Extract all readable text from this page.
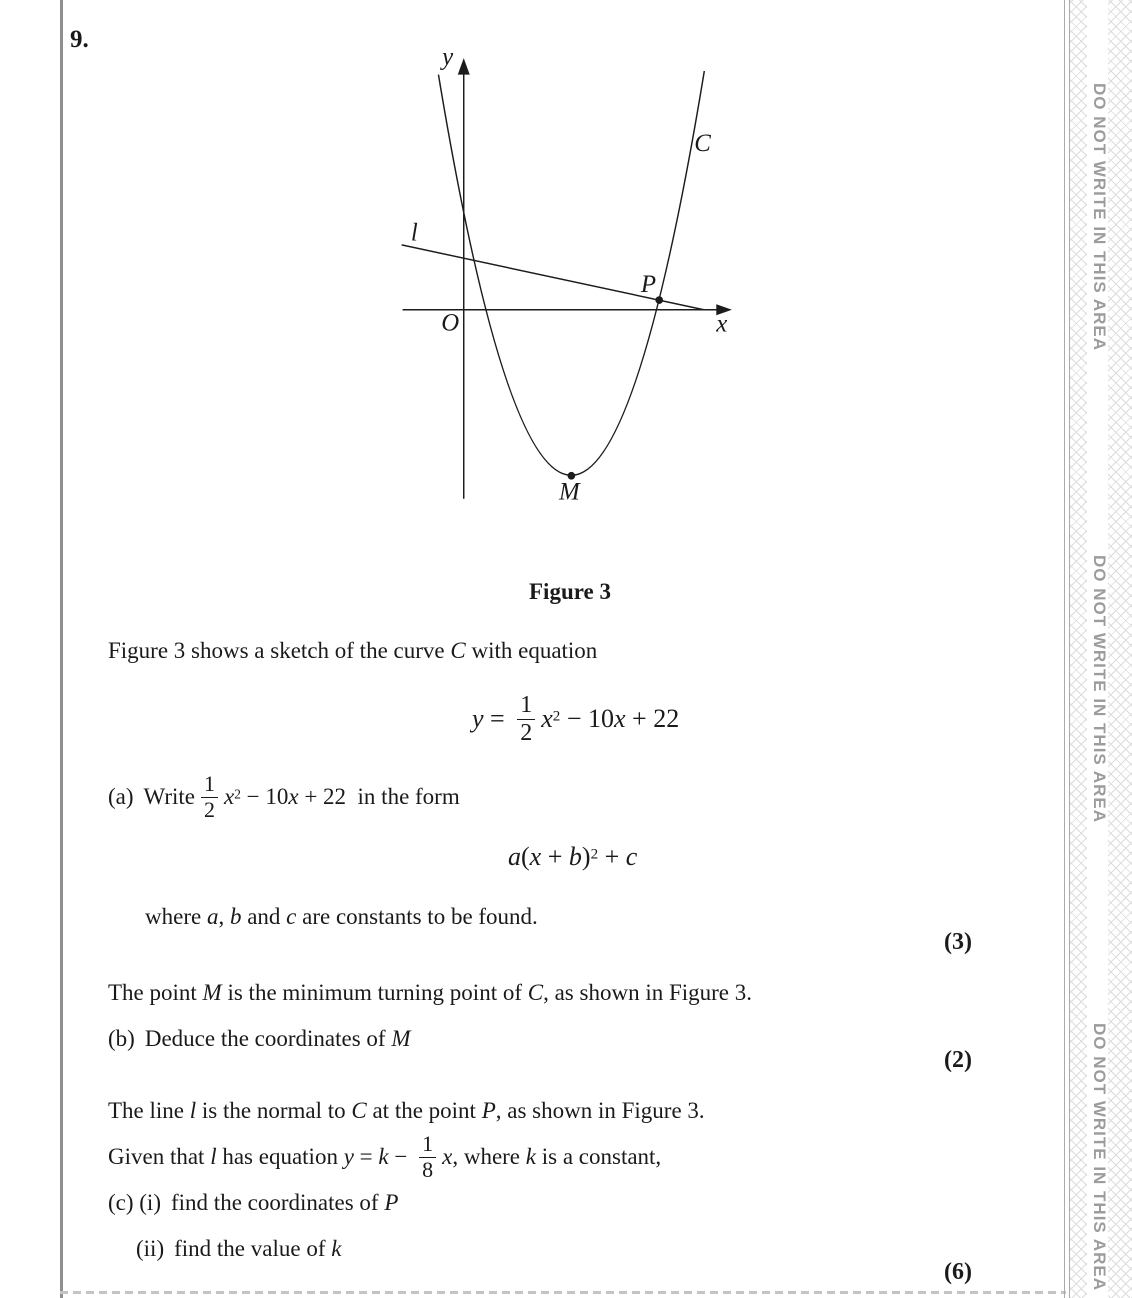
9.
y
x
O
l
C
P
M
Figure 3
Figure 3 shows a sketch of the curve C with equation
$y = \frac{1}{2} x^2 - 10x + 22$
(a) Write $\frac{1}{2} x^2 - 10x + 22$  in the form
$a(x + b)^2 + c$
where a, b and c are constants to be found.
(3)
The point M is the minimum turning point of C, as shown in Figure 3.
(b) Deduce the coordinates of M
(2)
The line l is the normal to C at the point P, as shown in Figure 3.
Given that l has equation $y = k - \frac{1}{8} x$, where k is a constant,
(c) (i) find the coordinates of P
(ii) find the value of k
(6)
DO NOT WRITE IN THIS AREA
DO NOT WRITE IN THIS AREA
DO NOT WRITE IN THIS AREA
